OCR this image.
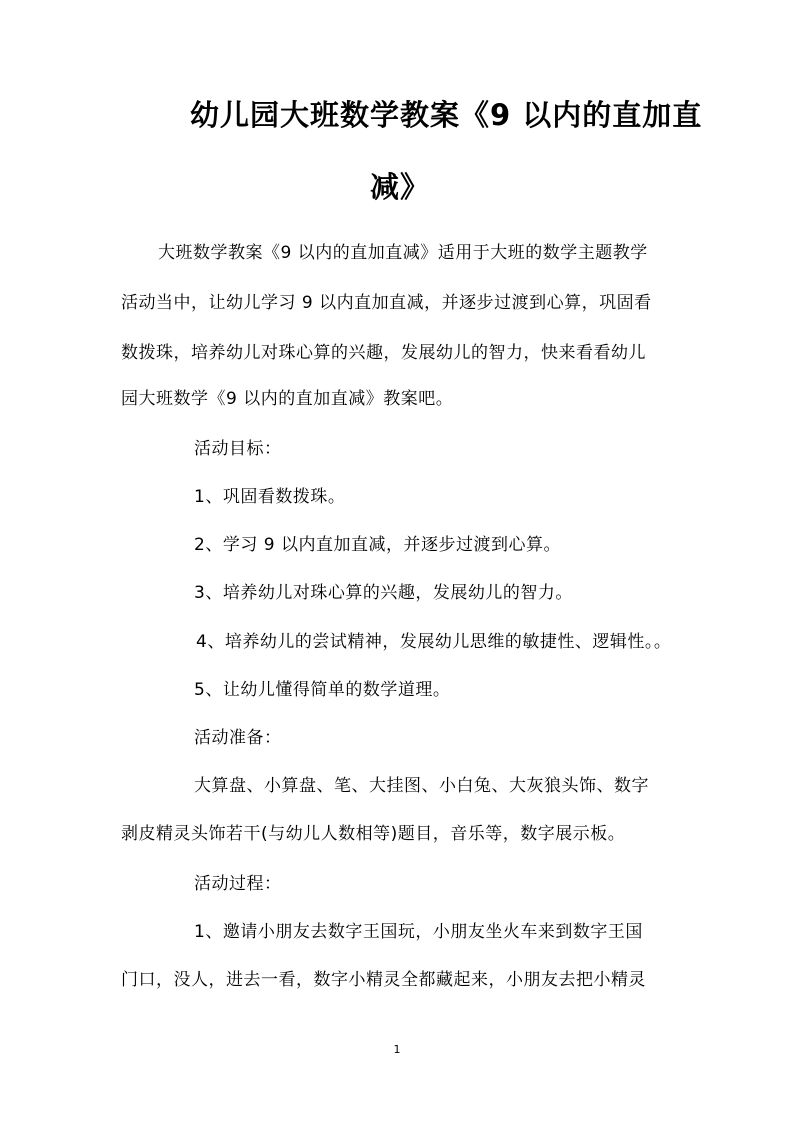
幼儿园大班数学教案《9 以内的直加直
减》
大班数学教案《9 以内的直加直减》适用于大班的数学主题教学
活动当中，让幼儿学习 9 以内直加直减，并逐步过渡到心算，巩固看
数拨珠，培养幼儿对珠心算的兴趣，发展幼儿的智力，快来看看幼儿
园大班数学《9 以内的直加直减》教案吧。
活动目标：
1、巩固看数拨珠。
2、学习 9 以内直加直减，并逐步过渡到心算。
3、培养幼儿对珠心算的兴趣，发展幼儿的智力。
4、培养幼儿的尝试精神，发展幼儿思维的敏捷性、逻辑性。。
5、让幼儿懂得简单的数学道理。
活动准备：
大算盘、小算盘、笔、大挂图、小白兔、大灰狼头饰、数字
剥皮精灵头饰若干(与幼儿人数相等)题目，音乐等，数字展示板。
活动过程：
1、邀请小朋友去数字王国玩，小朋友坐火车来到数字王国
门口，没人，进去一看，数字小精灵全都藏起来，小朋友去把小精灵
1
